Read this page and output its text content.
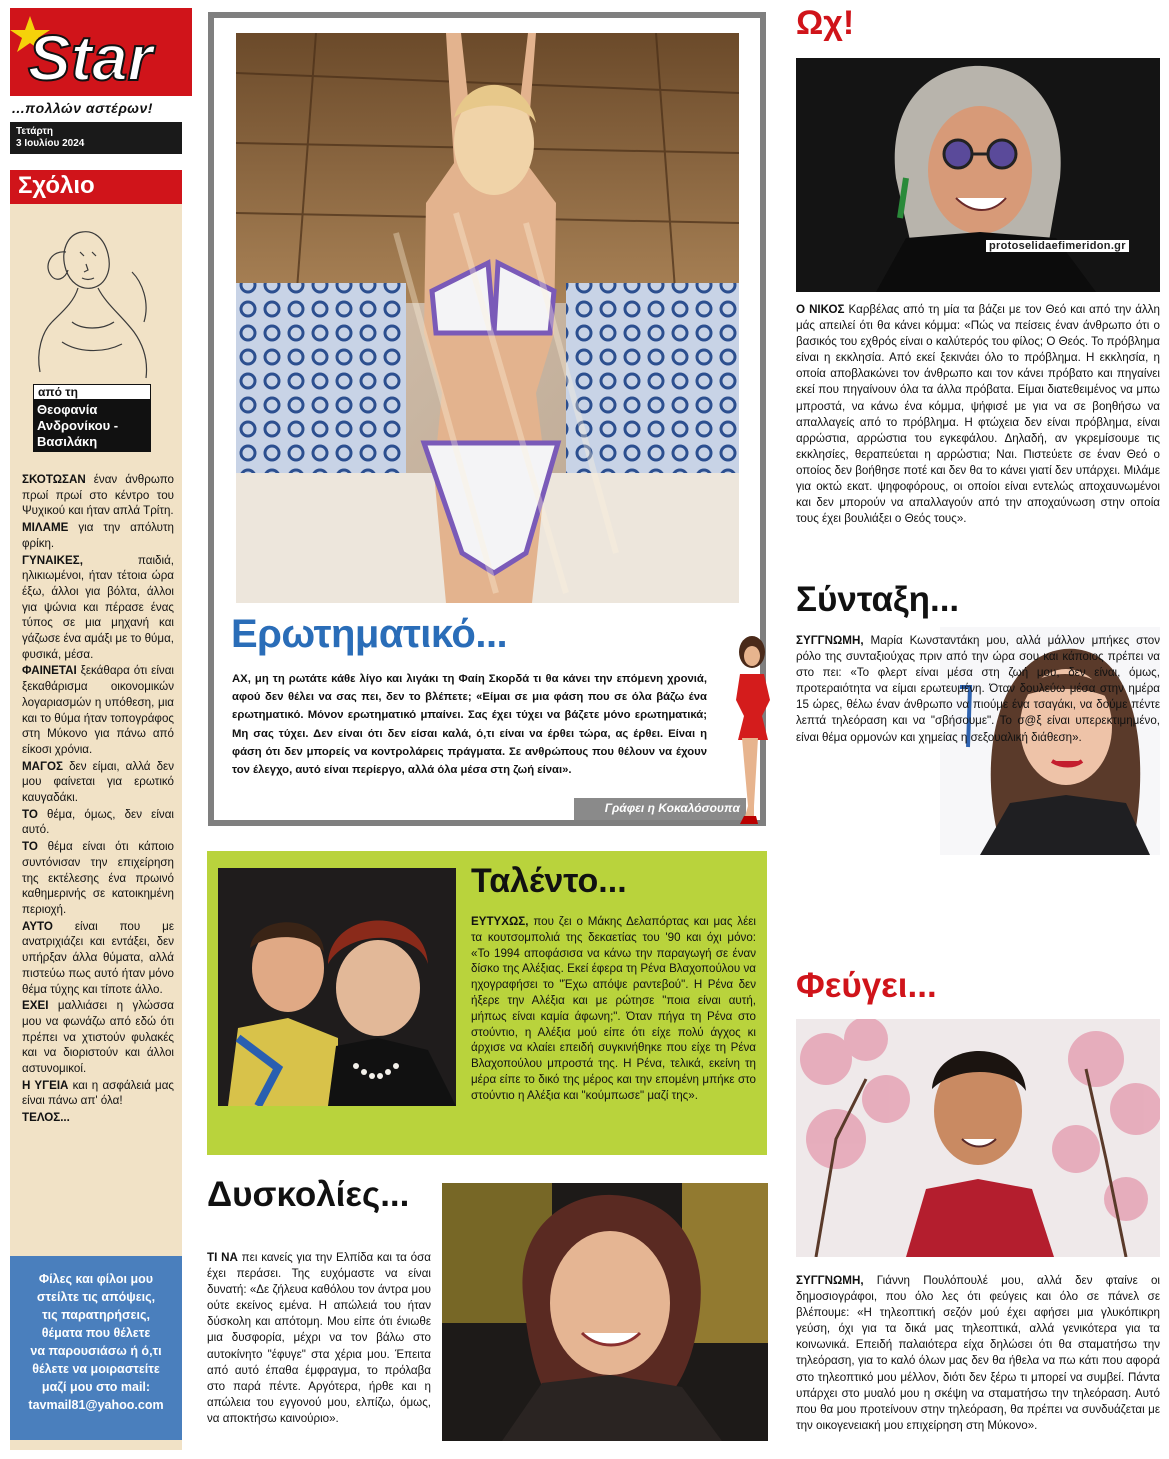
Star
...πολλών αστέρων!
Τετάρτη
3 Ιουλίου 2024
Σχόλιο
από τη
Θεοφανία Ανδρονίκου - Βασιλάκη

ΣΚΟΤΩΣΑΝ έναν άνθρωπο πρωί πρωί στο κέντρο του Ψυχικού και ήταν απλά Τρίτη.

ΜΙΛΑΜΕ για την απόλυτη φρίκη.

ΓΥΝΑΙΚΕΣ, παιδιά, ηλικιωμένοι, ήταν τέτοια ώρα έξω, άλλοι για βόλτα, άλλοι για ψώνια και πέρασε ένας τύπος σε μια μηχανή και γάζωσε ένα αμάξι με το θύμα, φυσικά, μέσα.

ΦΑΙΝΕΤΑΙ ξεκάθαρα ότι είναι ξεκαθάρισμα οικονομικών λογαριασμών η υπόθεση, μια και το θύμα ήταν τοπογράφος στη Μύκονο για πάνω από είκοσι χρόνια.

ΜΑΓΟΣ δεν είμαι, αλλά δεν μου φαίνεται για ερωτικό καυγαδάκι.

ΤΟ θέμα, όμως, δεν είναι αυτό.

ΤΟ θέμα είναι ότι κάποιο συντόνισαν την επιχείρηση της εκτέλεσης ένα πρωινό καθημερινής σε κατοικημένη περιοχή.

ΑΥΤΟ είναι που με ανατριχιάζει και εντάξει, δεν υπήρξαν άλλα θύματα, αλλά πιστεύω πως αυτό ήταν μόνο θέμα τύχης και τίποτε άλλο.

ΕΧΕΙ μαλλιάσει η γλώσσα μου να φωνάζω από εδώ ότι πρέπει να χτιστούν φυλακές και να διοριστούν και άλλοι αστυνομικοί.

Η ΥΓΕΙΑ και η ασφάλειά μας είναι πάνω απ' όλα!

ΤΕΛΟΣ...

Φίλες και φίλοι μου
στείλτε τις απόψεις,
τις παρατηρήσεις,
θέματα που θέλετε
να παρουσιάσω ή ό,τι
θέλετε να μοιραστείτε
μαζί μου στο mail:
tavmail81@yahoo.com
Ερωτηματικό...
ΑΧ, μη τη ρωτάτε κάθε λίγο και λιγάκι τη Φαίη Σκορδά τι θα κάνει την επόμενη χρονιά, αφού δεν θέλει να σας πει, δεν το βλέπετε; «Είμαι σε μια φάση που σε όλα βάζω ένα ερωτηματικό. Μόνον ερωτηματικό μπαίνει. Σας έχει τύχει να βάζετε μόνο ερωτηματικά; Μη σας τύχει. Δεν είναι ότι δεν είσαι καλά, ό,τι είναι να έρθει τώρα, ας έρθει. Είναι η φάση ότι δεν μπορείς να κοντρολάρεις πράγματα. Σε ανθρώπους που θέλουν να έχουν τον έλεγχο, αυτό είναι περίεργο, αλλά όλα μέσα στη ζωή είναι».
Γράφει η Κοκαλόσουπα
Ταλέντο...
ΕΥΤΥΧΩΣ, που ζει ο Μάκης Δελαπόρτας και μας λέει τα κουτσομπολιά της δεκαετίας του '90 και όχι μόνο: «Το 1994 αποφάσισα να κάνω την παραγωγή σε έναν δίσκο της Αλέξιας. Εκεί έφερα τη Ρένα Βλαχοπούλου να ηχογραφήσει το "Έχω απόψε ραντεβού". Η Ρένα δεν ήξερε την Αλέξια και με ρώτησε "ποια είναι αυτή, μήπως είναι καμία άφωνη;". Όταν πήγα τη Ρένα στο στούντιο, η Αλέξια μού είπε ότι είχε πολύ άγχος κι άρχισε να κλαίει επειδή συγκινήθηκε που είχε τη Ρένα Βλαχοπούλου μπροστά της. Η Ρένα, τελικά, εκείνη τη μέρα είπε το δικό της μέρος και την επομένη μπήκε στο στούντιο η Αλέξια και "κούμπωσε" μαζί της».
Δυσκολίες...
ΤΙ ΝΑ πει κανείς για την Ελπίδα και τα όσα έχει περάσει. Της ευχόμαστε να είναι δυνατή: «Δε ζήλευα καθόλου τον άντρα μου ούτε εκείνος εμένα. Η απώλειά του ήταν δύσκολη και απότομη. Μου είπε ότι ένιωθε μια δυσφορία, μέχρι να τον βάλω στο αυτοκίνητο "έφυγε" στα χέρια μου. Έπειτα από αυτό έπαθα έμφραγμα, το πρόλαβα στο παρά πέντε. Αργότερα, ήρθε και η απώλεια του εγγονού μου, ελπίζω, όμως, να αποκτήσω καινούριο».
Ωχ!
protoselidaefimeridon.gr
Ο ΝΙΚΟΣ Καρβέλας από τη μία τα βάζει με τον Θεό και από την άλλη μάς απειλεί ότι θα κάνει κόμμα: «Πώς να πείσεις έναν άνθρωπο ότι ο βασικός του εχθρός είναι ο καλύτερός του φίλος; Ο Θεός. Το πρόβλημα είναι η εκκλησία. Από εκεί ξεκινάει όλο το πρόβλημα. Η εκκλησία, η οποία αποβλακώνει τον άνθρωπο και τον κάνει πρόβατο και πηγαίνει εκεί που πηγαίνουν όλα τα άλλα πρόβατα. Είμαι διατεθειμένος να μπω μπροστά, να κάνω ένα κόμμα, ψήφισέ με για να σε βοηθήσω να απαλλαγείς από το πρόβλημα. Η φτώχεια δεν είναι πρόβλημα, είναι αρρώστια, αρρώστια του εγκεφάλου. Δηλαδή, αν γκρεμίσουμε τις εκκλησίες, θεραπεύεται η αρρώστια; Ναι. Πιστεύετε σε έναν Θεό ο οποίος δεν βοήθησε ποτέ και δεν θα το κάνει γιατί δεν υπάρχει. Μιλάμε για οκτώ εκατ. ψηφοφόρους, οι οποίοι είναι εντελώς αποχαυνωμένοι και δεν μπορούν να απαλλαγούν από την αποχαύνωση στην οποία τους έχει βουλιάξει ο Θεός τους».
Σύνταξη...
ΣΥΓΓΝΩΜΗ, Μαρία Κωνσταντάκη μου, αλλά μάλλον μπήκες στον ρόλο της συνταξιούχας πριν από την ώρα σου και κάποιος πρέπει να στο πει: «Το φλερτ είναι μέσα στη ζωή μου, δεν είναι, όμως, προτεραιότητα να είμαι ερωτευμένη. Όταν δουλεύω μέσα στην ημέρα 15 ώρες, θέλω έναν άνθρωπο να πιούμε ένα τσαγάκι, να δούμε πέντε λεπτά τηλεόραση και να "σβήσουμε". Το σ@ξ είναι υπερεκτιμημένο, είναι θέμα ορμονών και χημείας η σεξουαλική διάθεση».
Φεύγει...
ΣΥΓΓΝΩΜΗ, Γιάννη Πουλόπουλέ μου, αλλά δεν φταίνε οι δημοσιογράφοι, που όλο λες ότι φεύγεις και όλο σε πάνελ σε βλέπουμε: «Η τηλεοπτική σεζόν μού έχει αφήσει μια γλυκόπικρη γεύση, όχι για τα δικά μας τηλεοπτικά, αλλά γενικότερα για τα κοινωνικά. Επειδή παλαιότερα είχα δηλώσει ότι θα σταματήσω την τηλεόραση, για το καλό όλων μας δεν θα ήθελα να πω κάτι που αφορά στο τηλεοπτικό μου μέλλον, διότι δεν ξέρω τι μπορεί να συμβεί. Πάντα υπάρχει στο μυαλό μου η σκέψη να σταματήσω την τηλεόραση. Αυτό που θα μου προτείνουν στην τηλεόραση, θα πρέπει να συνδυάζεται με την οικογενειακή μου επιχείρηση στη Μύκονο».
